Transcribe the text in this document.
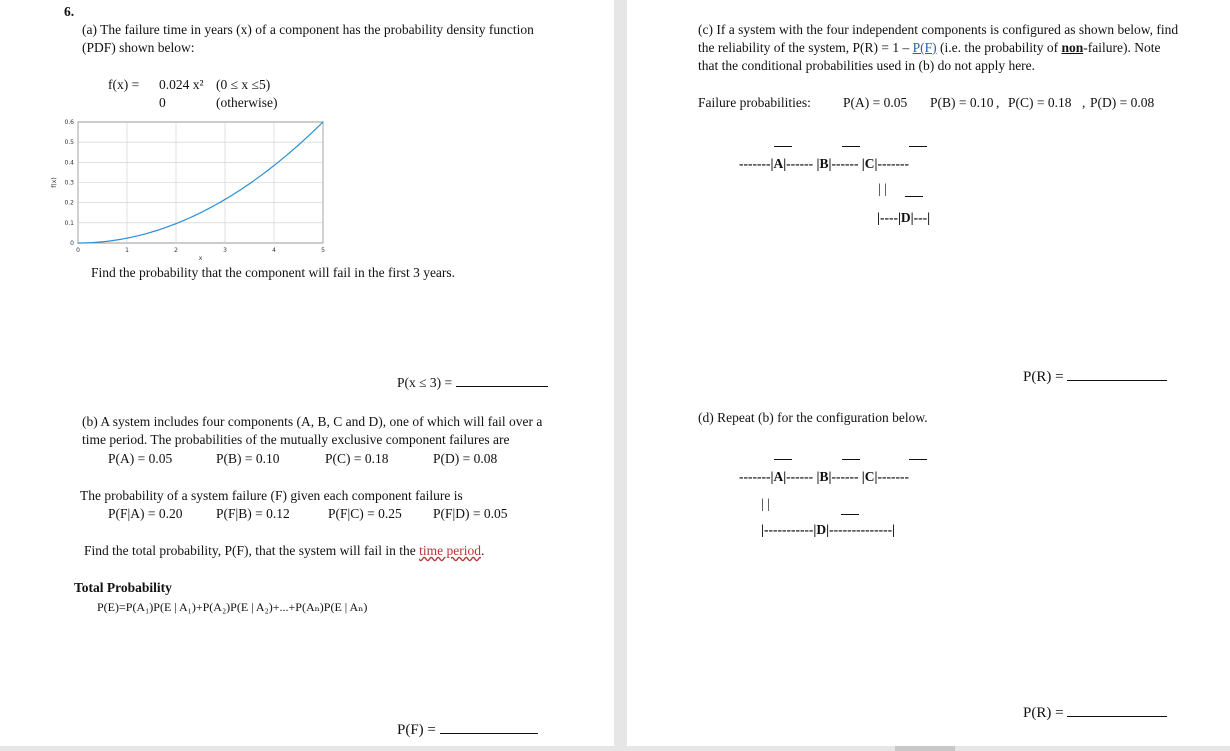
6.
(a) The failure time in years (x) of a component has the probability density function
(PDF) shown below:
f(x) = 0.024 x² (0 ≤ x ≤5)
0	(otherwise)
0	1	2	3	4	5
0
0.1
0.2
0.3
0.4
0.5
0.6
x
f(x)
Find the probability that the component will fail in the first 3 years.
P(x ≤ 3) =
(b) A system includes four components (A, B, C and D), one of which will fail over a
time period. The probabilities of the mutually exclusive component failures are
P(A) = 0.05	P(B) = 0.10	P(C) = 0.18	P(D) = 0.08
The probability of a system failure (F) given each component failure is
P(F|A) = 0.20 P(F|B) = 0.12	P(F|C) = 0.25 P(F|D) = 0.05
Find the total probability, P(F), that the system will fail in the time period.
Total Probability
P(E)=P(A₁)P(E | A₁)+P(A₂)P(E | A₂)+...+P(Aₙ)P(E | Aₙ)
P(F) =
(c) If a system with the four independent components is configured as shown below, find
the reliability of the system, P(R) = 1 – P(F) (i.e. the probability of non-failure). Note
that the conditional probabilities used in (b) do not apply here.
Failure probabilities: P(A) = 0.05 P(B) = 0.10 , P(C) = 0.18 , P(D) = 0.08
-------|A|------ |B|------ |C|-------
| |
|----|D|---|
P(R) =
(d) Repeat (b) for the configuration below.
-------|A|------ |B|------ |C|-------
| |
|-----------|D|--------------|
P(R) =
